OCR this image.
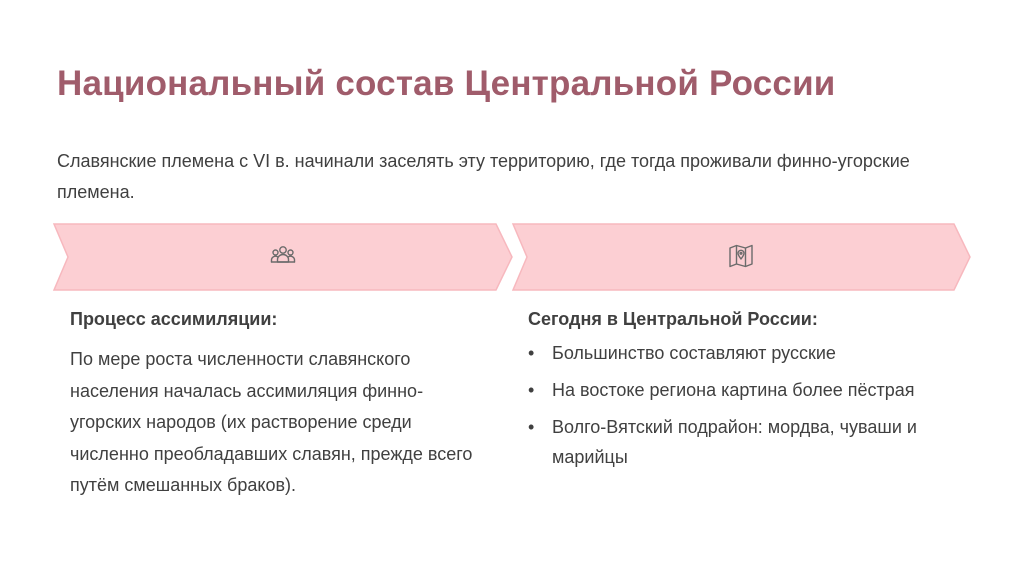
Национальный состав Центральной России

Славянские племена с VI в. начинали заселять эту территорию, где тогда проживали финно-угорские племена.

Процесс ассимиляции:

По мере роста численности славянского населения началась ассимиляция финно-угорских народов (их растворение среди численно преобладавших славян, прежде всего путём смешанных браков).

Сегодня в Центральной России:
• Большинство составляют русские
• На востоке региона картина более пёстрая
• Волго-Вятский подрайон: мордва, чуваши и марийцы
